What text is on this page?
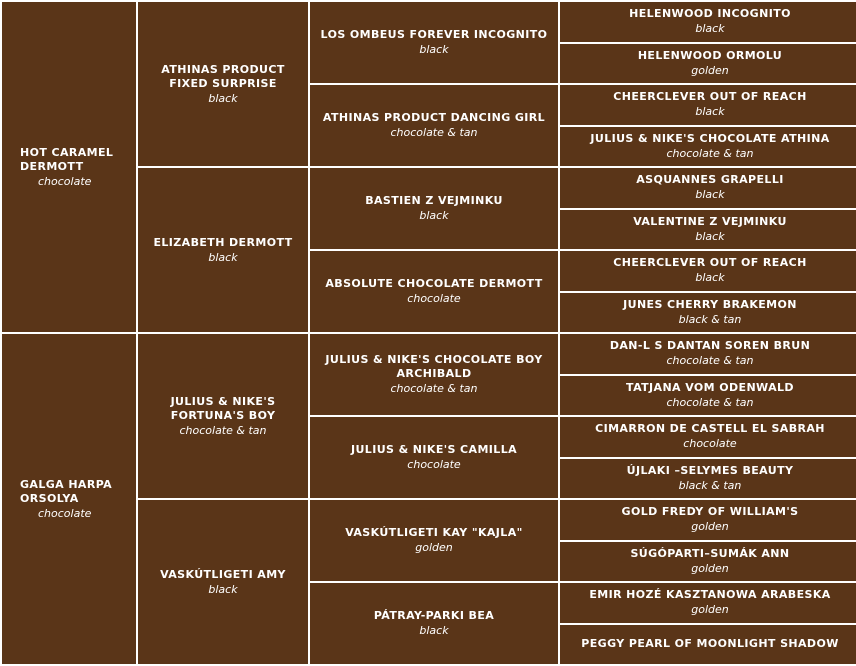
HOT CARAMEL DERMOTT
chocolate
GALGA HARPA ORSOLYA
chocolate
ATHINAS PRODUCT FIXED SURPRISE
black
ELIZABETH DERMOTT
black
JULIUS & NIKE'S FORTUNA'S BOY
chocolate & tan
VASKÚTLIGETI AMY
black
LOS OMBEUS FOREVER INCOGNITO
black
ATHINAS PRODUCT DANCING GIRL
chocolate & tan
BASTIEN Z VEJMINKU
black
ABSOLUTE CHOCOLATE DERMOTT
chocolate
JULIUS & NIKE'S CHOCOLATE BOY ARCHIBALD
chocolate & tan
JULIUS & NIKE'S CAMILLA
chocolate
VASKÚTLIGETI KAY "KAJLA"
golden
PÁTRAY-PARKI BEA
black
HELENWOOD INCOGNITO
black
HELENWOOD ORMOLU
golden
CHEERCLEVER OUT OF REACH
black
JULIUS & NIKE'S CHOCOLATE ATHINA
chocolate & tan
ASQUANNES GRAPELLI
black
VALENTINE Z VEJMINKU
black
CHEERCLEVER OUT OF REACH
black
JUNES CHERRY BRAKEMON
black & tan
DAN-L S DANTAN SOREN BRUN
chocolate & tan
TATJANA VOM ODENWALD
chocolate & tan
CIMARRON DE CASTELL EL SABRAH
chocolate
ÚJLAKI –SELYMES BEAUTY
black & tan
GOLD FREDY OF WILLIAM'S
golden
SÚGÓPARTI–SUMÁK ANN
golden
EMIR HOZÉ KASZTANOWA ARABESKA
golden
PEGGY PEARL OF MOONLIGHT SHADOW
